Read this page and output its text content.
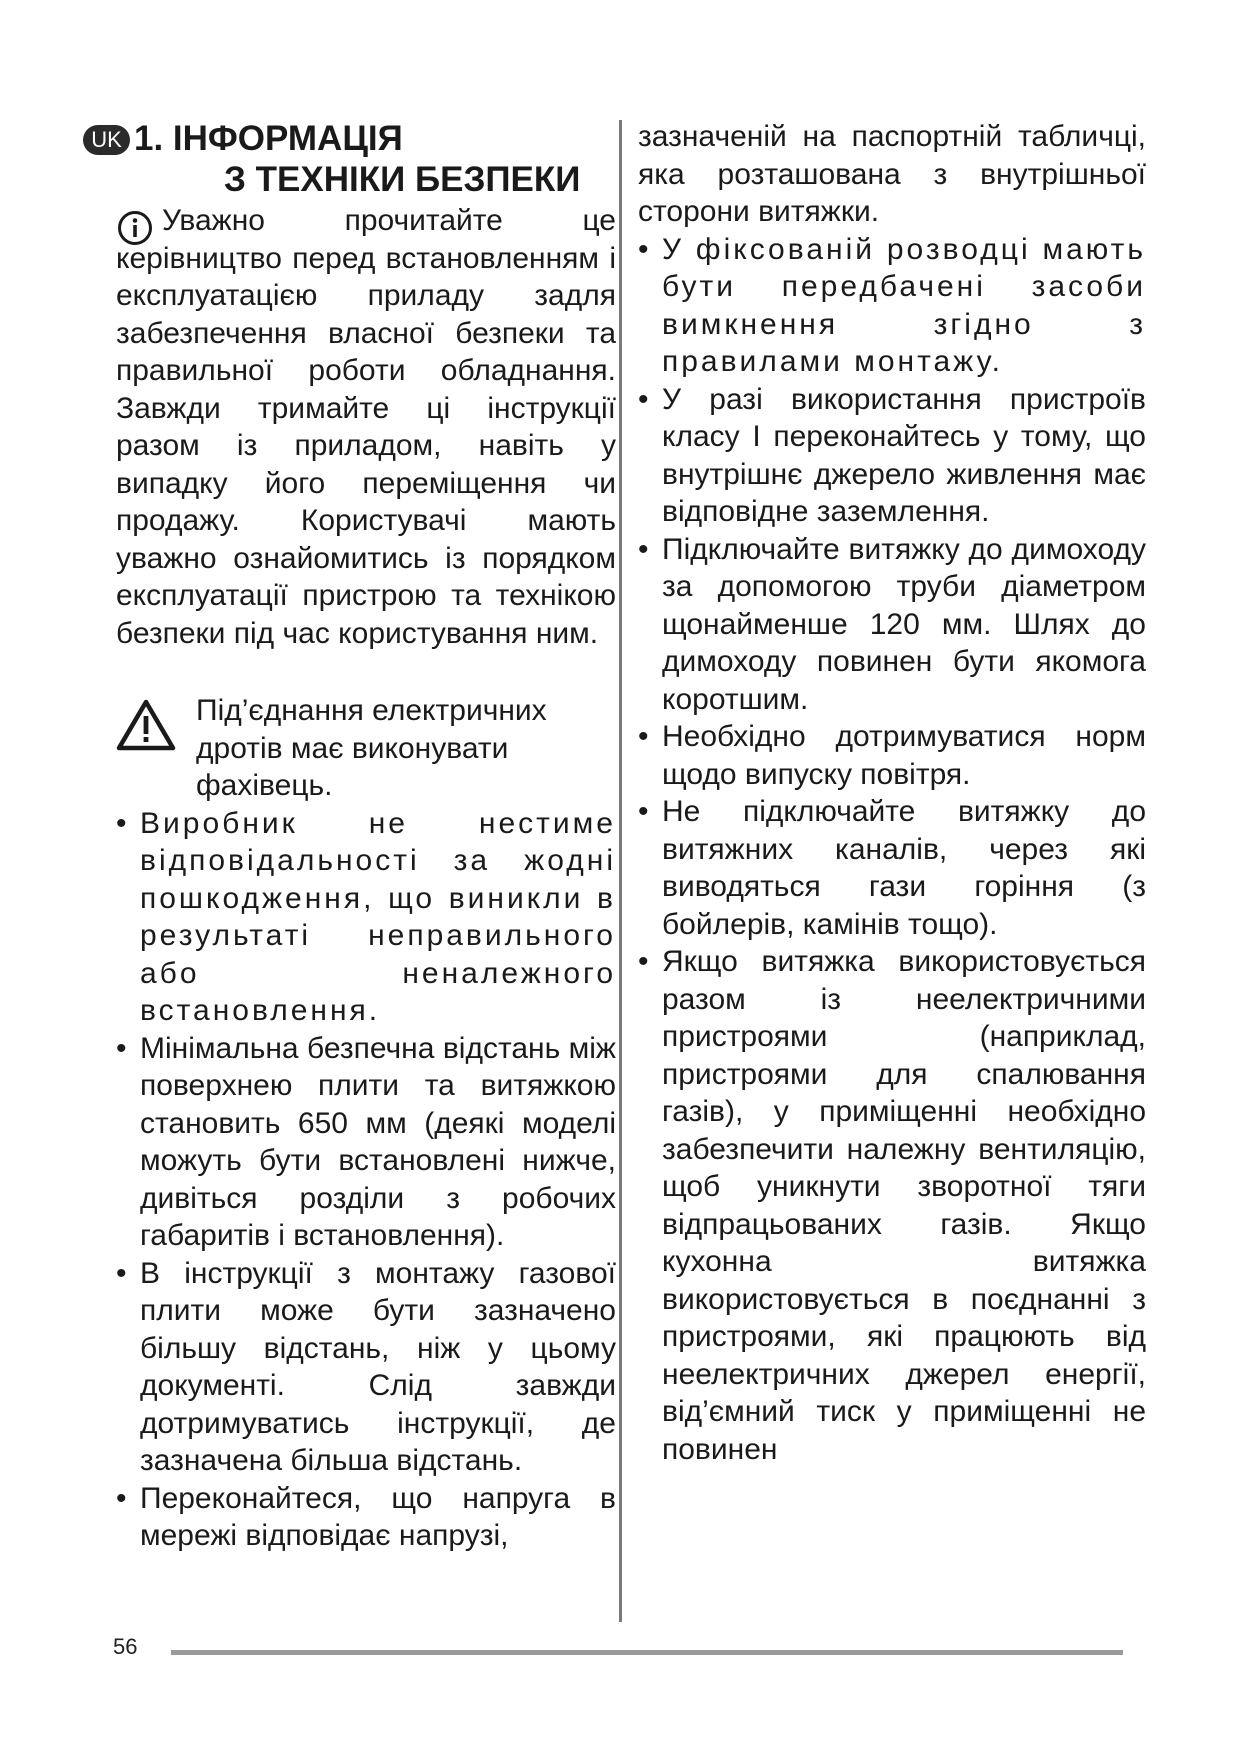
UK 1. ІНФОРМАЦІЯ
З ТЕХНІКИ БЕЗПЕКИ

Уважно прочитайте це керівництво перед встановленням і експлуатацією приладу задля забезпечення власної безпеки та правильної роботи обладнання. Завжди тримайте ці інструкції разом із приладом, навіть у випадку його переміщення чи продажу. Користувачі мають уважно ознайомитись із порядком експлуатації пристрою та технікою безпеки під час користування ним.

Під’єднання електричних дротів має виконувати фахівець.

• Виробник не нестиме відповідальності за жодні пошкодження, що виникли в результаті неправильного або неналежного встановлення.
• Мінімальна безпечна відстань між поверхнею плити та витяжкою становить 650 мм (деякі моделі можуть бути встановлені нижче, дивіться розділи з робочих габаритів і встановлення).
• В інструкції з монтажу газової плити може бути зазначено більшу відстань, ніж у цьому документі. Слід завжди дотримуватись інструкції, де зазначена більша відстань.
• Переконайтеся, що напруга в мережі відповідає напрузі,

зазначеній на паспортній табличці, яка розташована з внутрішньої сторони витяжки.

• У фіксованій розводці мають бути передбачені засоби вимкнення згідно з правилами монтажу.
• У разі використання пристроїв класу I переконайтесь у тому, що внутрішнє джерело живлення має відповідне заземлення.
• Підключайте витяжку до димоходу за допомогою труби діаметром щонайменше 120 мм. Шлях до димоходу повинен бути якомога коротшим.
• Необхідно дотримуватися норм щодо випуску повітря.
• Не підключайте витяжку до витяжних каналів, через які виводяться гази горіння (з бойлерів, камінів тощо).
• Якщо витяжка використовується разом із неелектричними пристроями (наприклад, пристроями для спалювання газів), у приміщенні необхідно забезпечити належну вентиляцію, щоб уникнути зворотної тяги відпрацьованих газів. Якщо кухонна витяжка використовується в поєднанні з пристроями, які працюють від неелектричних джерел енергії, від’ємний тиск у приміщенні не повинен
56
